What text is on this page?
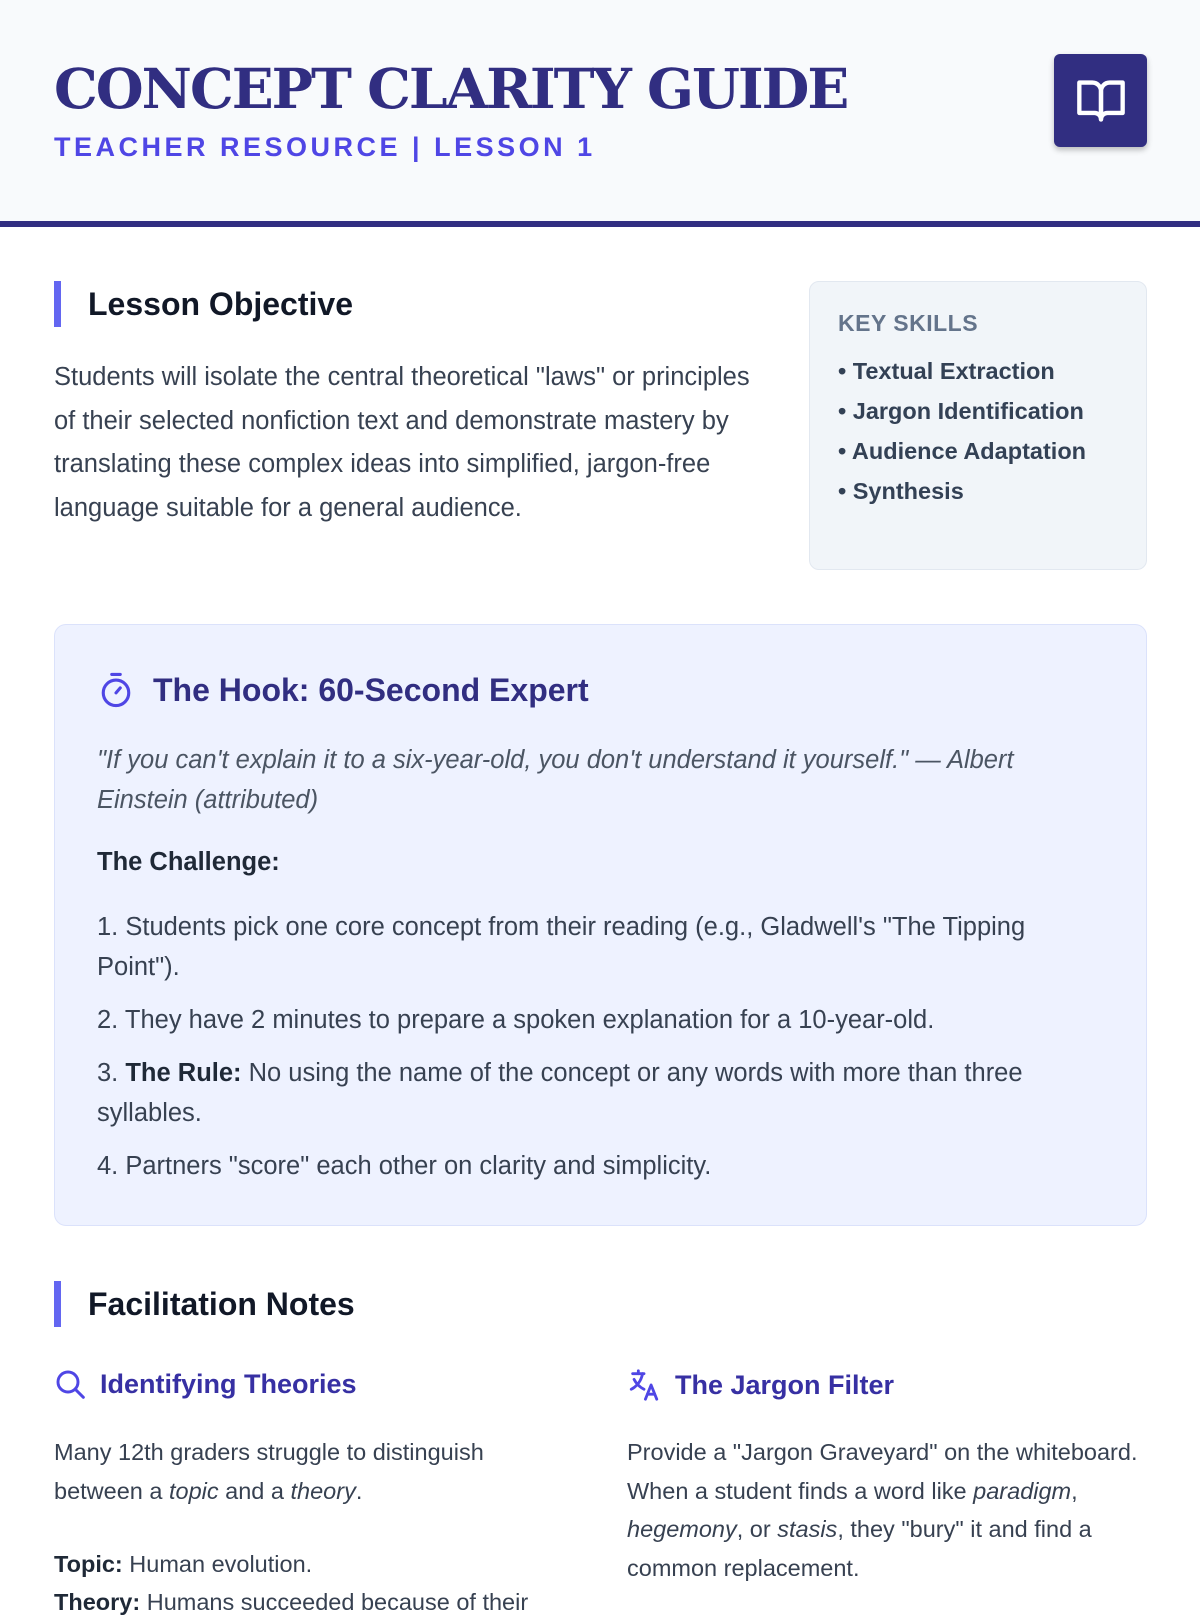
CONCEPT CLARITY GUIDE
TEACHER RESOURCE | LESSON 1
Lesson Objective

Students will isolate the central theoretical "laws" or principles of their selected nonfiction text and demonstrate mastery by translating these complex ideas into simplified, jargon-free language suitable for a general audience.

KEY SKILLS
• Textual Extraction
• Jargon Identification
• Audience Adaptation
• Synthesis
The Hook: 60-Second Expert

"If you can't explain it to a six-year-old, you don't understand it yourself." — Albert Einstein (attributed)

The Challenge:

1. Students pick one core concept from their reading (e.g., Gladwell's "The Tipping Point").

2. They have 2 minutes to prepare a spoken explanation for a 10-year-old.

3. The Rule: No using the name of the concept or any words with more than three syllables.

4. Partners "score" each other on clarity and simplicity.

Facilitation Notes
Identifying Theories

Many 12th graders struggle to distinguish between a topic and a theory.

Topic: Human evolution.

Theory: Humans succeeded because of their

The Jargon Filter

Provide a "Jargon Graveyard" on the whiteboard. When a student finds a word like paradigm, hegemony, or stasis, they "bury" it and find a common replacement.
